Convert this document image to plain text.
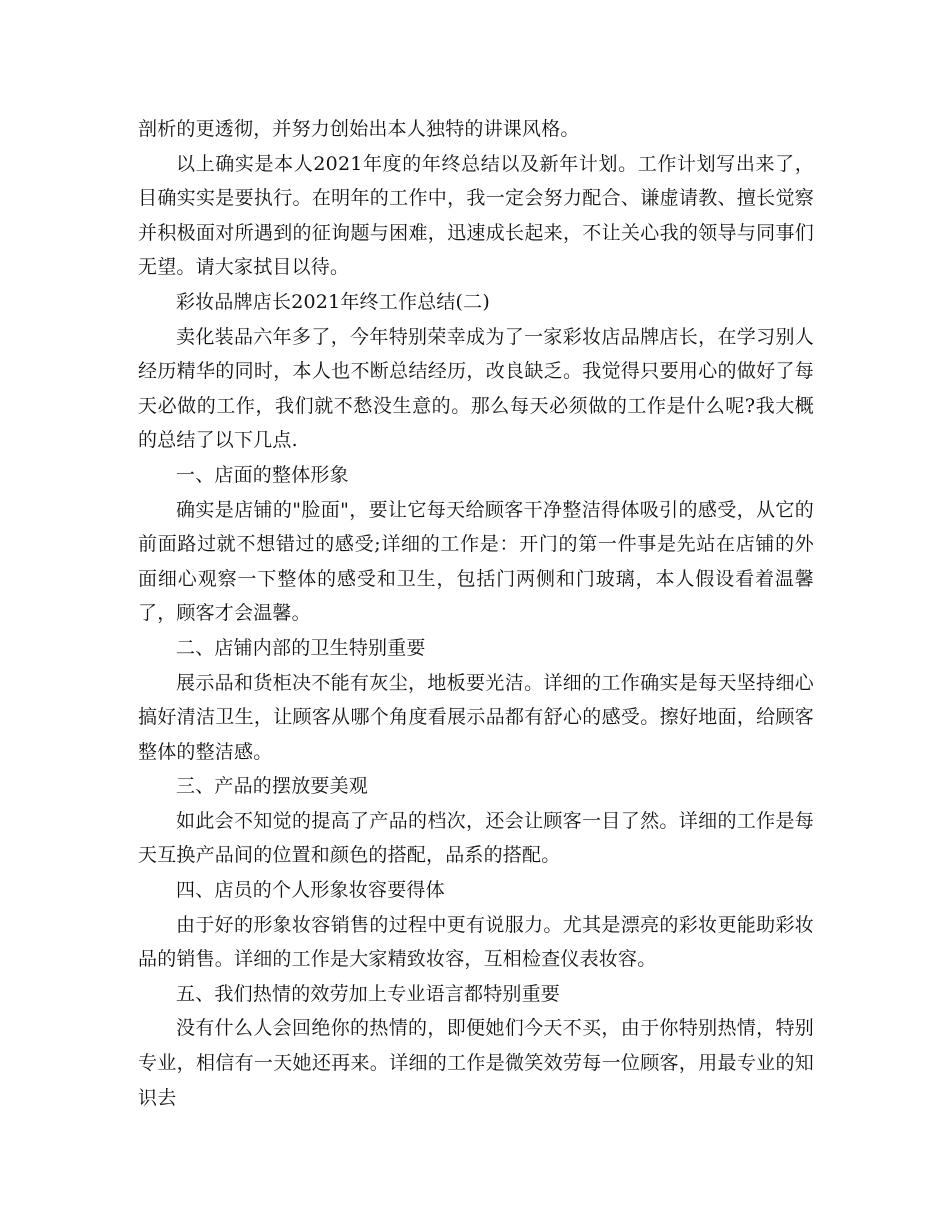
剖析的更透彻，并努力创始出本人独特的讲课风格。

以上确实是本人2021年度的年终总结以及新年计划。工作计划写出来了，目确实实是要执行。在明年的工作中，我一定会努力配合、谦虚请教、擅长觉察并积极面对所遇到的征询题与困难，迅速成长起来，不让关心我的领导与同事们无望。请大家拭目以待。

彩妆品牌店长2021年终工作总结(二)

卖化装品六年多了，今年特别荣幸成为了一家彩妆店品牌店长，在学习别人经历精华的同时，本人也不断总结经历，改良缺乏。我觉得只要用心的做好了每天必做的工作，我们就不愁没生意的。那么每天必须做的工作是什么呢?我大概的总结了以下几点.

一、店面的整体形象

确实是店铺的"脸面"，要让它每天给顾客干净整洁得体吸引的感受，从它的前面路过就不想错过的感受;详细的工作是：开门的第一件事是先站在店铺的外面细心观察一下整体的感受和卫生，包括门两侧和门玻璃，本人假设看着温馨了，顾客才会温馨。

二、店铺内部的卫生特别重要

展示品和货柜决不能有灰尘，地板要光洁。详细的工作确实是每天坚持细心搞好清洁卫生，让顾客从哪个角度看展示品都有舒心的感受。擦好地面，给顾客整体的整洁感。

三、产品的摆放要美观

如此会不知觉的提高了产品的档次，还会让顾客一目了然。详细的工作是每天互换产品间的位置和颜色的搭配，品系的搭配。

四、店员的个人形象妆容要得体

由于好的形象妆容销售的过程中更有说服力。尤其是漂亮的彩妆更能助彩妆品的销售。详细的工作是大家精致妆容，互相检查仪表妆容。

五、我们热情的效劳加上专业语言都特别重要

没有什么人会回绝你的热情的，即便她们今天不买，由于你特别热情，特别专业，相信有一天她还再来。详细的工作是微笑效劳每一位顾客，用最专业的知识去
